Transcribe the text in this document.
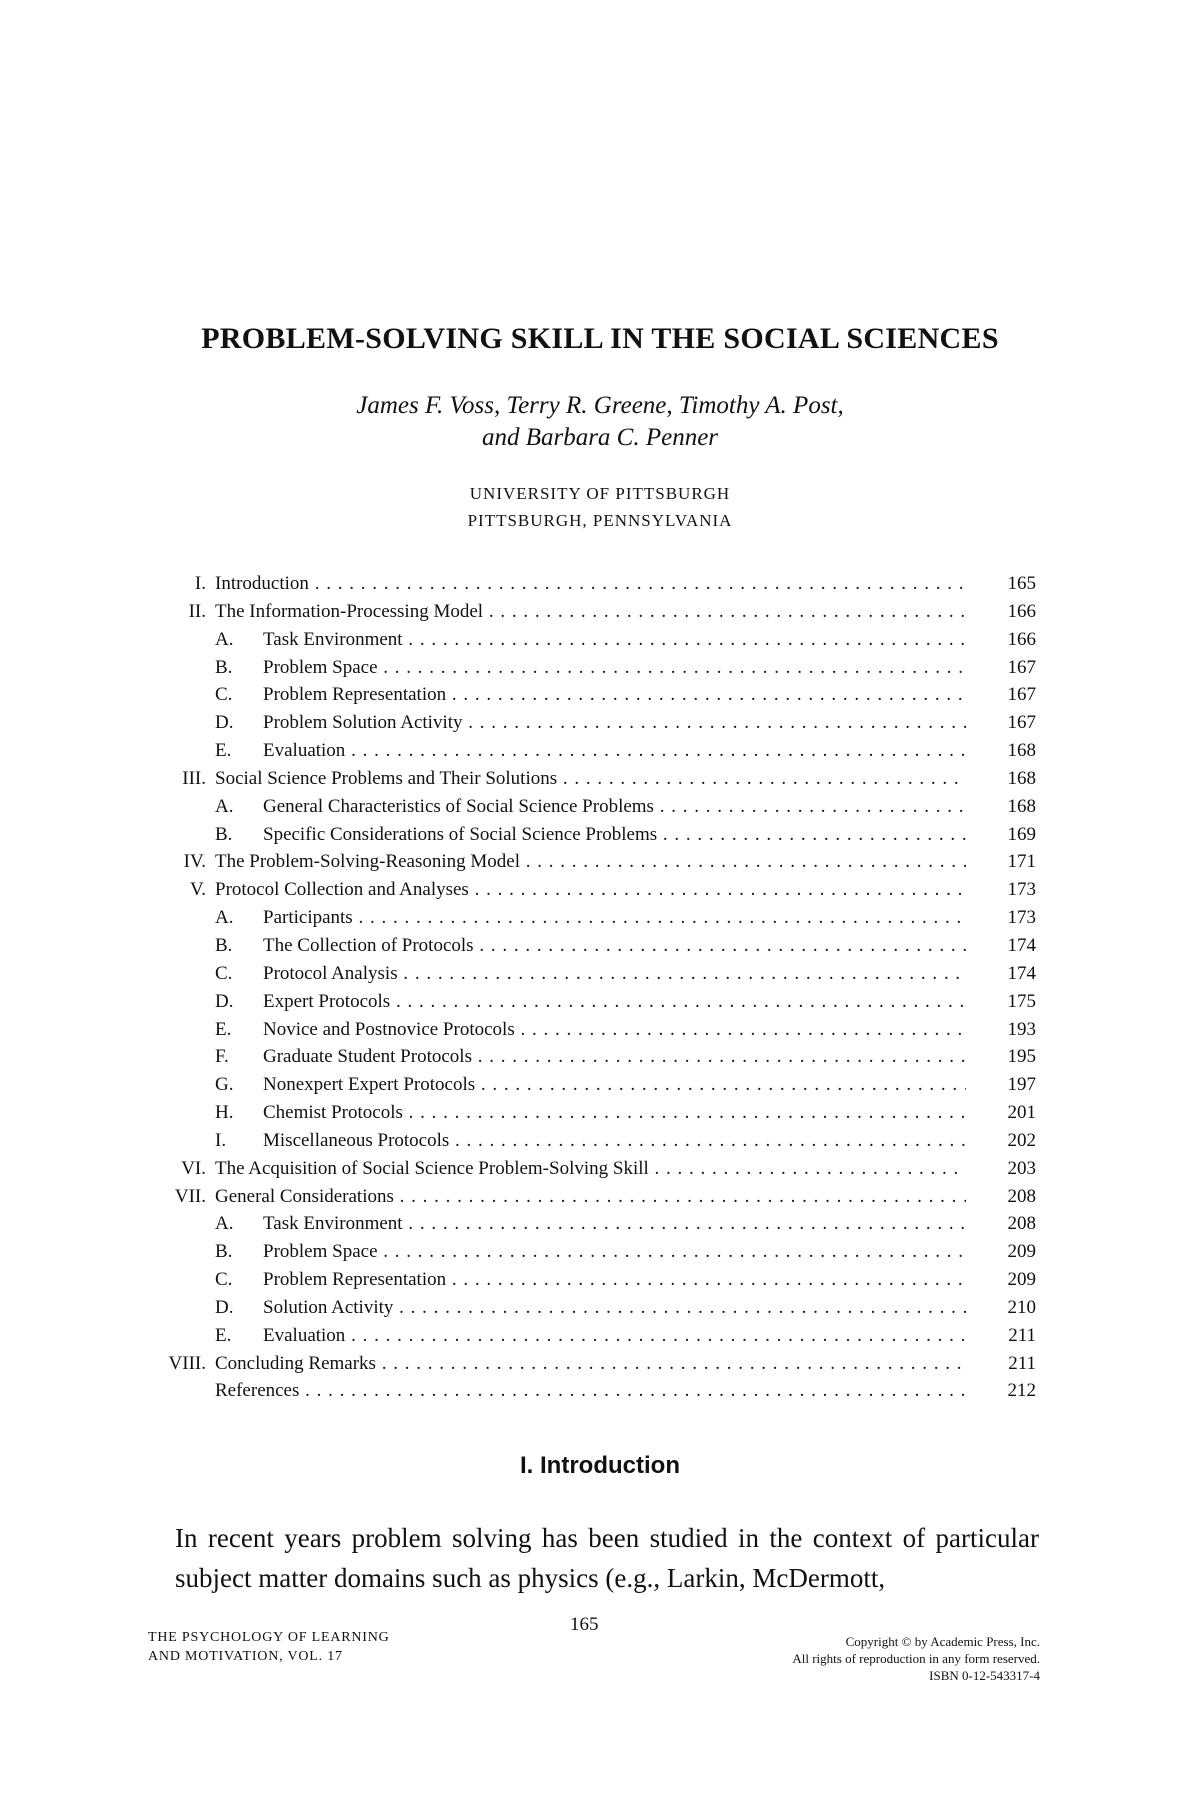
PROBLEM-SOLVING SKILL IN THE SOCIAL SCIENCES
James F. Voss, Terry R. Greene, Timothy A. Post,
and Barbara C. Penner
UNIVERSITY OF PITTSBURGH
PITTSBURGH, PENNSYLVANIA
I. Introduction . . .	165
II. The Information-Processing Model . . .	166
A. Task Environment . . .	166
B. Problem Space . . .	167
C. Problem Representation . . .	167
D. Problem Solution Activity . . .	167
E. Evaluation . . .	168
III. Social Science Problems and Their Solutions . . .	168
A. General Characteristics of Social Science Problems . . .	168
B. Specific Considerations of Social Science Problems . . .	169
IV. The Problem-Solving-Reasoning Model . . .	171
V. Protocol Collection and Analyses . . .	173
A. Participants . . .	173
B. The Collection of Protocols . . .	174
C. Protocol Analysis . . .	174
D. Expert Protocols . . .	175
E. Novice and Postnovice Protocols . . .	193
F. Graduate Student Protocols . . .	195
G. Nonexpert Expert Protocols . . .	197
H. Chemist Protocols . . .	201
I. Miscellaneous Protocols . . .	202
VI. The Acquisition of Social Science Problem-Solving Skill . . .	203
VII. General Considerations . . .	208
A. Task Environment . . .	208
B. Problem Space . . .	209
C. Problem Representation . . .	209
D. Solution Activity . . .	210
E. Evaluation . . .	211
VIII. Concluding Remarks . . .	211
References . . .	212
I. Introduction
In recent years problem solving has been studied in the context of particular subject matter domains such as physics (e.g., Larkin, McDermott,
THE PSYCHOLOGY OF LEARNING
AND MOTIVATION, VOL. 17
165
Copyright © by Academic Press, Inc.
All rights of reproduction in any form reserved.
ISBN 0-12-543317-4
